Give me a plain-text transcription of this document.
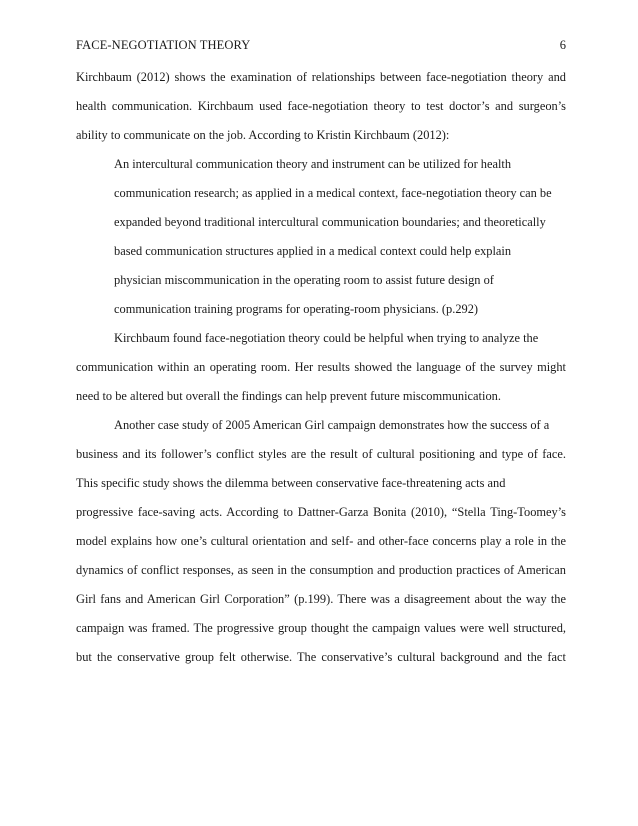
FACE-NEGOTIATION THEORY	6
Kirchbaum (2012) shows the examination of relationships between face-negotiation theory and
health communication. Kirchbaum used face-negotiation theory to test doctor’s and surgeon’s
ability to communicate on the job. According to Kristin Kirchbaum (2012):
An intercultural communication theory and instrument can be utilized for health
communication research; as applied in a medical context, face-negotiation theory can be
expanded beyond traditional intercultural communication boundaries; and theoretically
based communication structures applied in a medical context could help explain
physician miscommunication in the operating room to assist future design of
communication training programs for operating-room physicians. (p.292)
Kirchbaum found face-negotiation theory could be helpful when trying to analyze the
communication within an operating room. Her results showed the language of the survey might
need to be altered but overall the findings can help prevent future miscommunication.
Another case study of 2005 American Girl campaign demonstrates how the success of a
business and its follower’s conflict styles are the result of cultural positioning and type of face.
This specific study shows the dilemma between conservative face-threatening acts and
progressive face-saving acts. According to Dattner-Garza Bonita (2010), “Stella Ting-Toomey’s
model explains how one’s cultural orientation and self- and other-face concerns play a role in the
dynamics of conflict responses, as seen in the consumption and production practices of American
Girl fans and American Girl Corporation” (p.199). There was a disagreement about the way the
campaign was framed. The progressive group thought the campaign values were well structured,
but the conservative group felt otherwise. The conservative’s cultural background and the fact
